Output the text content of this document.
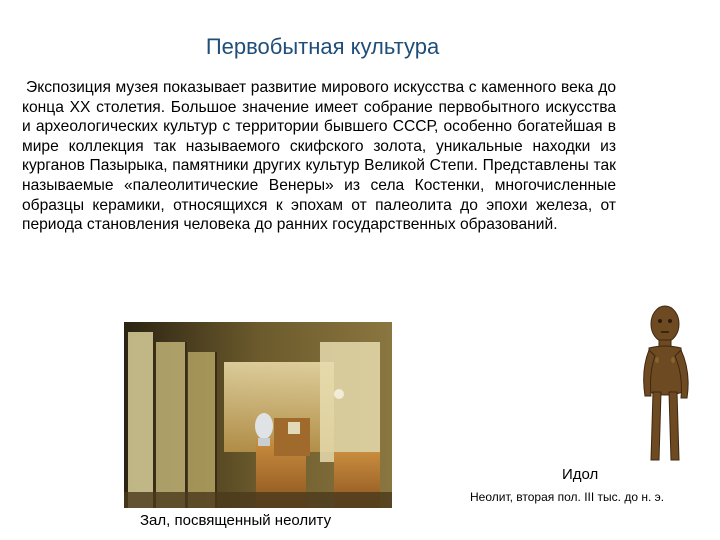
Первобытная культура
Экспозиция музея показывает развитие мирового искусства с каменного века до конца XX столетия. Большое значение имеет собрание первобытного искусства и археологических культур с территории бывшего СССР, особенно богатейшая в мире коллекция так называемого скифского золота, уникальные находки из курганов Пазырыка, памятники других культур Великой Степи. Представлены так называемые «палеолитические Венеры» из села Костенки, многочисленные образцы керамики, относящихся к эпохам от палеолита до эпохи железа, от периода становления человека до ранних государственных образований.
Идол
Неолит, вторая пол. III тыс. до н. э.
Зал, посвященный неолиту
